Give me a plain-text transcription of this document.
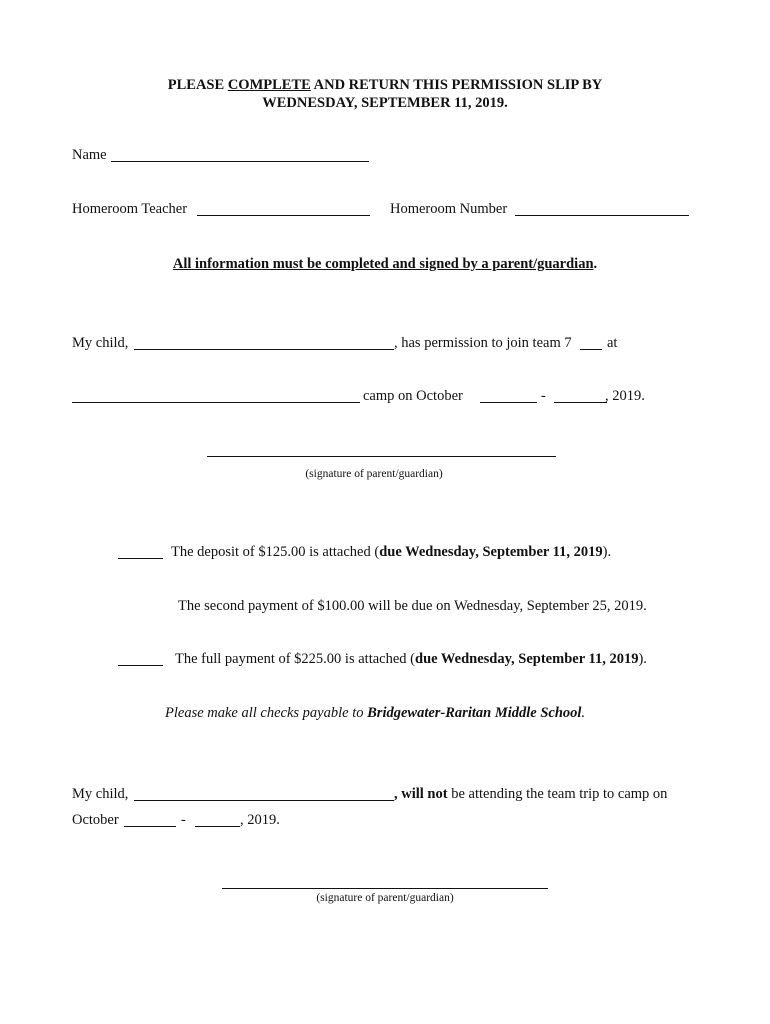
PLEASE COMPLETE AND RETURN THIS PERMISSION SLIP BY
WEDNESDAY, SEPTEMBER 11, 2019.
Name
Homeroom Teacher	Homeroom Number
All information must be completed and signed by a parent/guardian.
My child,	, has permission to join team 7 at
camp on October	-	, 2019.
(signature of parent/guardian)
The deposit of $125.00 is attached (due Wednesday, September 11, 2019).
The second payment of $100.00 will be due on Wednesday, September 25, 2019.
The full payment of $225.00 is attached (due Wednesday, September 11, 2019).
Please make all checks payable to Bridgewater-Raritan Middle School.
My child,	, will not be attending the team trip to camp on
October	-	, 2019.
(signature of parent/guardian)
